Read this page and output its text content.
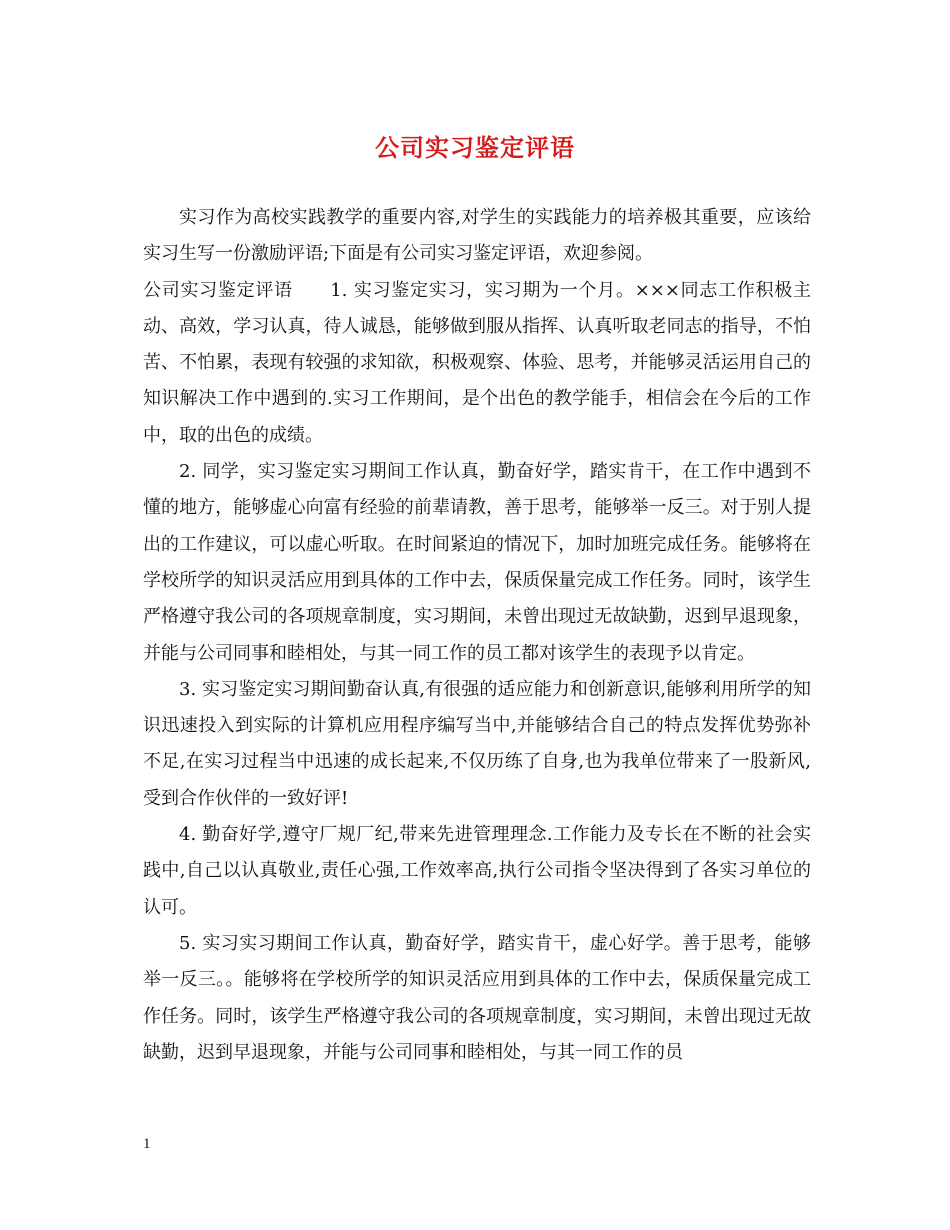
公司实习鉴定评语

实习作为高校实践教学的重要内容,对学生的实践能力的培养极其重要，应该给实习生写一份激励评语;下面是有公司实习鉴定评语，欢迎参阅。

公司实习鉴定评语　　1. 实习鉴定实习，实习期为一个月。×××同志工作积极主动、高效，学习认真，待人诚恳，能够做到服从指挥、认真听取老同志的指导，不怕苦、不怕累，表现有较强的求知欲，积极观察、体验、思考，并能够灵活运用自己的知识解决工作中遇到的.实习工作期间，是个出色的教学能手，相信会在今后的工作中，取的出色的成绩。

2. 同学，实习鉴定实习期间工作认真，勤奋好学，踏实肯干，在工作中遇到不懂的地方，能够虚心向富有经验的前辈请教，善于思考，能够举一反三。对于别人提出的工作建议，可以虚心听取。在时间紧迫的情况下，加时加班完成任务。能够将在学校所学的知识灵活应用到具体的工作中去，保质保量完成工作任务。同时，该学生严格遵守我公司的各项规章制度，实习期间，未曾出现过无故缺勤，迟到早退现象，并能与公司同事和睦相处，与其一同工作的员工都对该学生的表现予以肯定。

3. 实习鉴定实习期间勤奋认真,有很强的适应能力和创新意识,能够利用所学的知识迅速投入到实际的计算机应用程序编写当中,并能够结合自己的特点发挥优势弥补不足,在实习过程当中迅速的成长起来,不仅历练了自身,也为我单位带来了一股新风,受到合作伙伴的一致好评!

4. 勤奋好学,遵守厂规厂纪,带来先进管理理念.工作能力及专长在不断的社会实践中,自己以认真敬业,责任心强,工作效率高,执行公司指令坚决得到了各实习单位的认可。

5. 实习实习期间工作认真，勤奋好学，踏实肯干，虚心好学。善于思考，能够举一反三。。能够将在学校所学的知识灵活应用到具体的工作中去，保质保量完成工作任务。同时，该学生严格遵守我公司的各项规章制度，实习期间，未曾出现过无故缺勤，迟到早退现象，并能与公司同事和睦相处，与其一同工作的员

1
